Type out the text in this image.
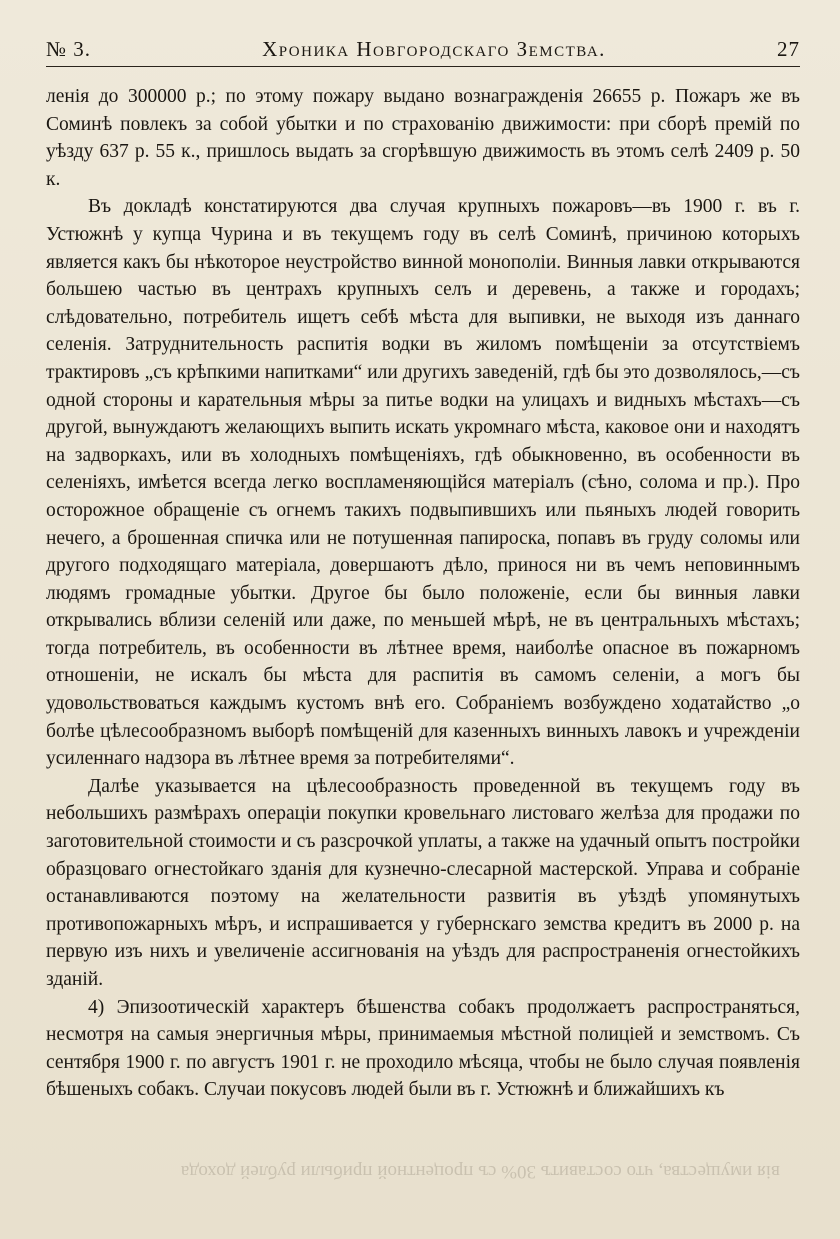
№ 3.	Хроника Новгородскаго Земства.	27

ленія до 300000 р.; по этому пожару выдано вознагражденія 26655 р. Пожаръ же въ Соминѣ повлекъ за собой убытки и по страхованію движимости: при сборѣ премій по уѣзду 637 р. 55 к., пришлось выдать за сгорѣвшую движимость въ этомъ селѣ 2409 р. 50 к.

Въ докладѣ констатируются два случая крупныхъ пожаровъ—въ 1900 г. въ г. Устюжнѣ у купца Чурина и въ текущемъ году въ селѣ Соминѣ, причиною которыхъ является какъ бы нѣкоторое неустройство винной монополіи. Винныя лавки открываются большею частью въ центрахъ крупныхъ селъ и деревень, а также и городахъ; слѣдовательно, потребитель ищетъ себѣ мѣста для выпивки, не выходя изъ даннаго селенія. Затруднительность распитія водки въ жиломъ помѣщеніи за отсутствіемъ трактировъ „съ крѣпкими напитками“ или другихъ заведеній, гдѣ бы это дозволялось,—съ одной стороны и карательныя мѣры за питье водки на улицахъ и видныхъ мѣстахъ—съ другой, вынуждаютъ желающихъ выпить искать укромнаго мѣста, каковое они и находятъ на задворкахъ, или въ холодныхъ помѣщеніяхъ, гдѣ обыкновенно, въ особенности въ селеніяхъ, имѣется всегда легко воспламеняющійся матеріалъ (сѣно, солома и пр.). Про осторожное обращеніе съ огнемъ такихъ подвыпившихъ или пьяныхъ людей говорить нечего, а брошенная спичка или не потушенная папироска, попавъ въ груду соломы или другого подходящаго матеріала, довершаютъ дѣло, принося ни въ чемъ неповиннымъ людямъ громадные убытки. Другое бы было положеніе, если бы винныя лавки открывались вблизи селеній или даже, по меньшей мѣрѣ, не въ центральныхъ мѣстахъ; тогда потребитель, въ особенности въ лѣтнее время, наиболѣе опасное въ пожарномъ отношеніи, не искалъ бы мѣста для распитія въ самомъ селеніи, а могъ бы удовольствоваться каждымъ кустомъ внѣ его. Собраніемъ возбуждено ходатайство „о болѣе цѣлесообразномъ выборѣ помѣщеній для казенныхъ винныхъ лавокъ и учрежденіи усиленнаго надзора въ лѣтнее время за потребителями“.

Далѣе указывается на цѣлесообразность проведенной въ текущемъ году въ небольшихъ размѣрахъ операціи покупки кровельнаго листоваго желѣза для продажи по заготовительной стоимости и съ разсрочкой уплаты, а также на удачный опытъ постройки образцоваго огнестойкаго зданія для кузнечно-слесарной мастерской. Управа и собраніе останавливаются поэтому на желательности развитія въ уѣздѣ упомянутыхъ противопожарныхъ мѣръ, и испрашивается у губернскаго земства кредитъ въ 2000 р. на первую изъ нихъ и увеличеніе ассигнованія на уѣздъ для распространенія огнестойкихъ зданій.

4) Эпизоотическій характеръ бѣшенства собакъ продолжаетъ распространяться, несмотря на самыя энергичныя мѣры, принимаемыя мѣстной полиціей и земствомъ. Съ сентября 1900 г. по августъ 1901 г. не проходило мѣсяца, чтобы не было случая появленія бѣшеныхъ собакъ. Случаи покусовъ людей были въ г. Устюжнѣ и ближайшихъ къ

вія имущества, что составитъ 30% съ процентной прибыли рублей дохода
